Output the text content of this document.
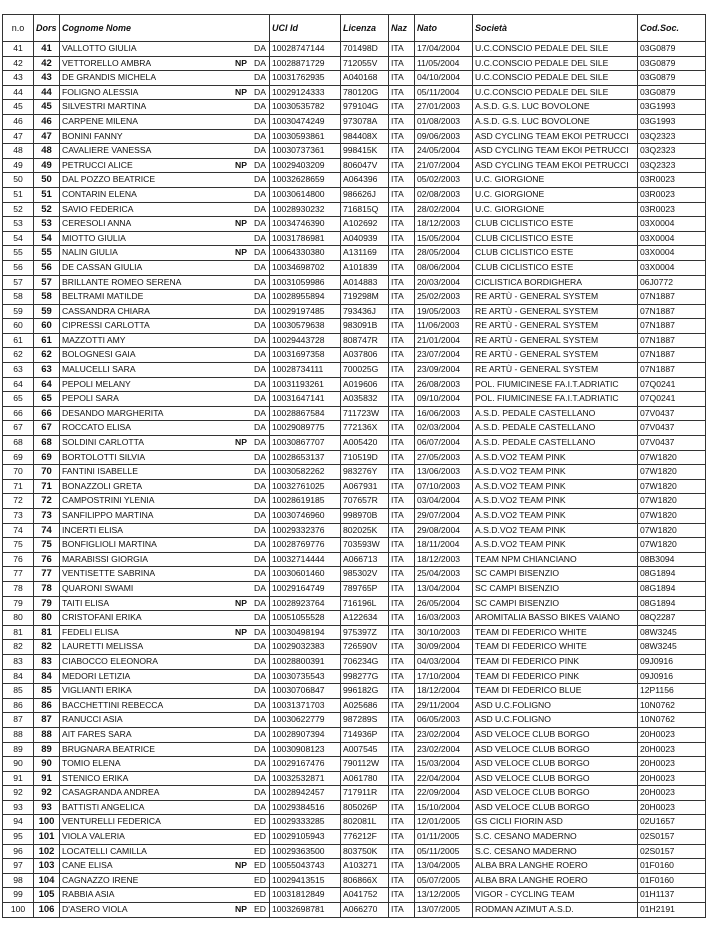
n.o	Dors	Cognome Nome	UCI Id	Licenza	Naz	Nato	Società	Cod.Soc.
41	41	VALLOTTO GIULIA DA	10028747144	701498D	ITA	17/04/2004	U.C.CONSCIO PEDALE DEL SILE	03G0879
42	42	VETTORELLO AMBRA NP DA	10028871729	712055V	ITA	11/05/2004	U.C.CONSCIO PEDALE DEL SILE	03G0879
43	43	DE GRANDIS MICHELA DA	10031762935	A040168	ITA	04/10/2004	U.C.CONSCIO PEDALE DEL SILE	03G0879
44	44	FOLIGNO ALESSIA NP DA	10029124333	780120G	ITA	05/11/2004	U.C.CONSCIO PEDALE DEL SILE	03G0879
45	45	SILVESTRI MARTINA DA	10030535782	979104G	ITA	27/01/2003	A.S.D. G.S. LUC BOVOLONE	03G1993
46	46	CARPENE MILENA DA	10030474249	973078A	ITA	01/08/2003	A.S.D. G.S. LUC BOVOLONE	03G1993
47	47	BONINI FANNY DA	10030593861	984408X	ITA	09/06/2003	ASD CYCLING TEAM EKOI PETRUCCI	03Q2323
48	48	CAVALIERE VANESSA DA	10030737361	998415K	ITA	24/05/2004	ASD CYCLING TEAM EKOI PETRUCCI	03Q2323
49	49	PETRUCCI ALICE NP DA	10029403209	806047V	ITA	21/07/2004	ASD CYCLING TEAM EKOI PETRUCCI	03Q2323
50	50	DAL POZZO BEATRICE DA	10032628659	A064396	ITA	05/02/2003	U.C. GIORGIONE	03R0023
51	51	CONTARIN ELENA DA	10030614800	986626J	ITA	02/08/2003	U.C. GIORGIONE	03R0023
52	52	SAVIO FEDERICA DA	10028930232	716815Q	ITA	28/02/2004	U.C. GIORGIONE	03R0023
53	53	CERESOLI ANNA NP DA	10034746390	A102692	ITA	18/12/2003	CLUB CICLISTICO ESTE	03X0004
54	54	MIOTTO GIULIA DA	10031786981	A040939	ITA	15/05/2004	CLUB CICLISTICO ESTE	03X0004
55	55	NALIN GIULIA NP DA	10064330380	A131169	ITA	28/05/2004	CLUB CICLISTICO ESTE	03X0004
56	56	DE CASSAN GIULIA DA	10034698702	A101839	ITA	08/06/2004	CLUB CICLISTICO ESTE	03X0004
57	57	BRILLANTE ROMEO SERENA DA	10031059986	A014883	ITA	20/03/2004	CICLISTICA BORDIGHERA	06J0772
58	58	BELTRAMI MATILDE DA	10028955894	719298M	ITA	25/02/2003	RE ARTÙ - GENERAL SYSTEM	07N1887
59	59	CASSANDRA CHIARA DA	10029197485	793436J	ITA	19/05/2003	RE ARTÙ - GENERAL SYSTEM	07N1887
60	60	CIPRESSI CARLOTTA DA	10030579638	983091B	ITA	11/06/2003	RE ARTÙ - GENERAL SYSTEM	07N1887
61	61	MAZZOTTI AMY DA	10029443728	808747R	ITA	21/01/2004	RE ARTÙ - GENERAL SYSTEM	07N1887
62	62	BOLOGNESI GAIA DA	10031697358	A037806	ITA	23/07/2004	RE ARTÙ - GENERAL SYSTEM	07N1887
63	63	MALUCELLI SARA DA	10028734111	700025G	ITA	23/09/2004	RE ARTÙ - GENERAL SYSTEM	07N1887
64	64	PEPOLI MELANY DA	10031193261	A019606	ITA	26/08/2003	POL. FIUMICINESE FA.I.T.ADRIATIC	07Q0241
65	65	PEPOLI SARA DA	10031647141	A035832	ITA	09/10/2004	POL. FIUMICINESE FA.I.T.ADRIATIC	07Q0241
66	66	DESANDO MARGHERITA DA	10028867584	711723W	ITA	16/06/2003	A.S.D. PEDALE CASTELLANO	07V0437
67	67	ROCCATO ELISA DA	10029089775	772136X	ITA	02/03/2004	A.S.D. PEDALE CASTELLANO	07V0437
68	68	SOLDINI CARLOTTA NP DA	10030867707	A005420	ITA	06/07/2004	A.S.D. PEDALE CASTELLANO	07V0437
69	69	BORTOLOTTI SILVIA DA	10028653137	710519D	ITA	27/05/2003	A.S.D.VO2 TEAM PINK	07W1820
70	70	FANTINI ISABELLE DA	10030582262	983276Y	ITA	13/06/2003	A.S.D.VO2 TEAM PINK	07W1820
71	71	BONAZZOLI GRETA DA	10032761025	A067931	ITA	07/10/2003	A.S.D.VO2 TEAM PINK	07W1820
72	72	CAMPOSTRINI YLENIA DA	10028619185	707657R	ITA	03/04/2004	A.S.D.VO2 TEAM PINK	07W1820
73	73	SANFILIPPO MARTINA DA	10030746960	998970B	ITA	29/07/2004	A.S.D.VO2 TEAM PINK	07W1820
74	74	INCERTI ELISA DA	10029332376	802025K	ITA	29/08/2004	A.S.D.VO2 TEAM PINK	07W1820
75	75	BONFIGLIOLI MARTINA DA	10028769776	703593W	ITA	18/11/2004	A.S.D.VO2 TEAM PINK	07W1820
76	76	MARABISSI GIORGIA DA	10032714444	A066713	ITA	18/12/2003	TEAM NPM CHIANCIANO	08B3094
77	77	VENTISETTE SABRINA DA	10030601460	985302V	ITA	25/04/2003	SC CAMPI BISENZIO	08G1894
78	78	QUARONI SWAMI DA	10029164749	789765P	ITA	13/04/2004	SC CAMPI BISENZIO	08G1894
79	79	TAITI ELISA NP DA	10028923764	716196L	ITA	26/05/2004	SC CAMPI BISENZIO	08G1894
80	80	CRISTOFANI ERIKA DA	10051055528	A122634	ITA	16/03/2003	AROMITALIA BASSO BIKES VAIANO	08Q2287
81	81	FEDELI ELISA NP DA	10030498194	975397Z	ITA	30/10/2003	TEAM DI FEDERICO WHITE	08W3245
82	82	LAURETTI MELISSA DA	10029032383	726590V	ITA	30/09/2004	TEAM DI FEDERICO WHITE	08W3245
83	83	CIABOCCO ELEONORA DA	10028800391	706234G	ITA	04/03/2004	TEAM DI FEDERICO PINK	09J0916
84	84	MEDORI LETIZIA DA	10030735543	998277G	ITA	17/10/2004	TEAM DI FEDERICO PINK	09J0916
85	85	VIGLIANTI ERIKA DA	10030706847	996182G	ITA	18/12/2004	TEAM DI FEDERICO BLUE	12P1156
86	86	BACCHETTINI REBECCA DA	10031371703	A025686	ITA	29/11/2004	ASD U.C.FOLIGNO	10N0762
87	87	RANUCCI ASIA DA	10030622779	987289S	ITA	06/05/2003	ASD U.C.FOLIGNO	10N0762
88	88	AIT FARES SARA DA	10028907394	714936P	ITA	23/02/2004	ASD VELOCE CLUB BORGO	20H0023
89	89	BRUGNARA BEATRICE DA	10030908123	A007545	ITA	23/02/2004	ASD VELOCE CLUB BORGO	20H0023
90	90	TOMIO ELENA DA	10029167476	790112W	ITA	15/03/2004	ASD VELOCE CLUB BORGO	20H0023
91	91	STENICO ERIKA DA	10032532871	A061780	ITA	22/04/2004	ASD VELOCE CLUB BORGO	20H0023
92	92	CASAGRANDA ANDREA DA	10028942457	717911R	ITA	22/09/2004	ASD VELOCE CLUB BORGO	20H0023
93	93	BATTISTI ANGELICA DA	10029384516	805026P	ITA	15/10/2004	ASD VELOCE CLUB BORGO	20H0023
94	100	VENTURELLI FEDERICA ED	10029333285	802081L	ITA	12/01/2005	GS CICLI FIORIN ASD	02U1657
95	101	VIOLA VALERIA ED	10029105943	776212F	ITA	01/11/2005	S.C. CESANO MADERNO	02S0157
96	102	LOCATELLI CAMILLA ED	10029363500	803750K	ITA	05/11/2005	S.C. CESANO MADERNO	02S0157
97	103	CANE ELISA NP ED	10055043743	A103271	ITA	13/04/2005	ALBA BRA LANGHE ROERO	01F0160
98	104	CAGNAZZO IRENE ED	10029413515	806866X	ITA	05/07/2005	ALBA BRA LANGHE ROERO	01F0160
99	105	RABBIA ASIA ED	10031812849	A041752	ITA	13/12/2005	VIGOR - CYCLING TEAM	01H1137
100	106	D'ASERO VIOLA NP ED	10032698781	A066270	ITA	13/07/2005	RODMAN AZIMUT A.S.D.	01H2191
